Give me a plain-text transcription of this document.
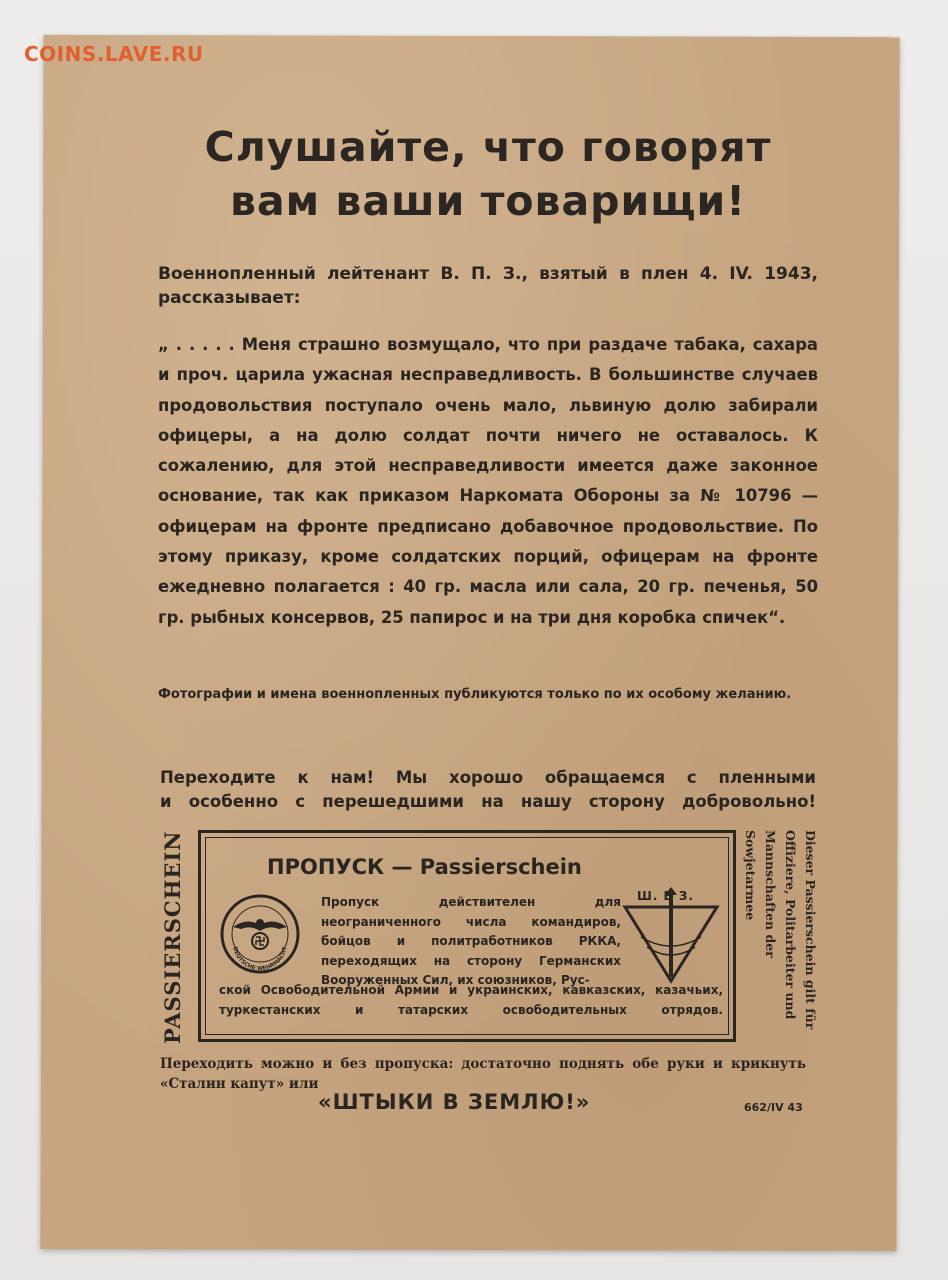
COINS.LAVE.RU
Слушайте, что говорят
вам ваши товарищи!
Военнопленный лейтенант В. П. З., взятый в плен 4. IV. 1943, рассказывает:
„ . . . . . Меня страшно возмущало, что при раздаче табака, сахара и проч. царила ужасная несправедливость. В большинстве случаев продовольствия поступало очень мало, львиную долю забирали офицеры, а на долю солдат почти ничего не оставалось. К сожалению, для этой несправедливости имеется даже законное основание, так как приказом Наркомата Обороны за № 10796 — офицерам на фронте предписано добавочное продовольствие. По этому приказу, кроме солдатских порций, офицерам на фронте ежедневно полагается : 40 гр. масла или сала, 20 гр. печенья, 50 гр. рыбных консервов, 25 папирос и на три дня коробка спичек“.
Фотографии и имена военнопленных публикуются только по их особому желанию.
Переходите к нам! Мы хорошо обращаемся с пленными
и особенно с перешедшими на нашу сторону добровольно!
PASSIERSCHEIN	ПРОПУСК — Passierschein
DEUTSCHE WEHRMACHT
Пропуск действителен для неограниченного числа командиров, бойцов и политработников РККА, переходящих на сторону Германских Вооруженных Сил, их союзников, Рус-
ской Освободительной Армии и украинских, кавказских, казачьих, туркестанских и татарских освободительных отрядов.
Ш. В З.	Dieser Passierschein gilt für Offiziere, Politarbeiter und Mannschaften der Sowjetarmee
Переходить можно и без пропуска: достаточно поднять обе руки и крикнуть
«Сталин капут» или
«ШТЫКИ В ЗЕМЛЮ!»	662/IV 43
